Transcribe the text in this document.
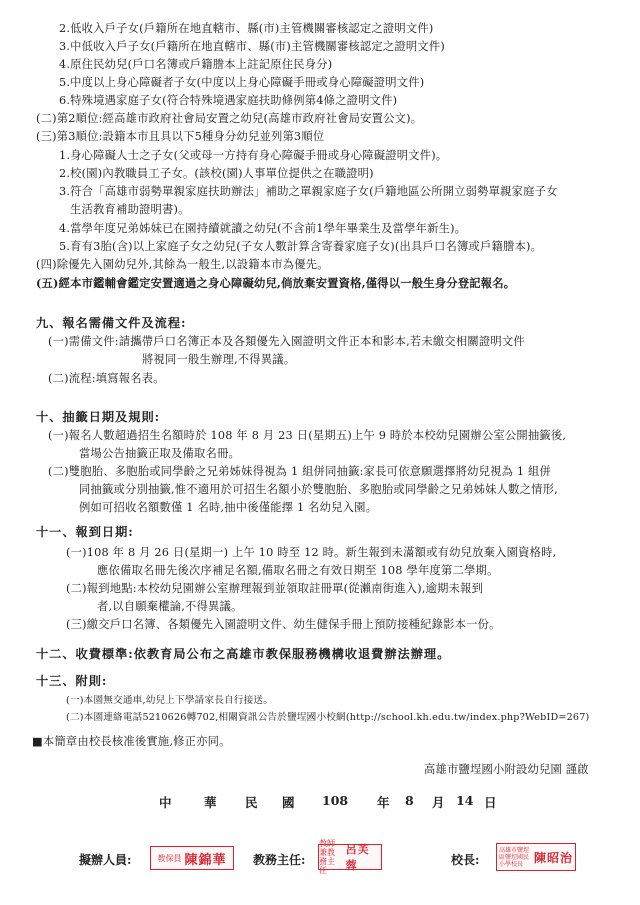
2.低收入戶子女(戶籍所在地直轄市、縣(市)主管機關審核認定之證明文件)
3.中低收入戶子女(戶籍所在地直轄市、縣(市)主管機關審核認定之證明文件)
4.原住民幼兒(戶口名簿或戶籍謄本上註記原住民身分)
5.中度以上身心障礙者子女(中度以上身心障礙手冊或身心障礙證明文件)
6.特殊境遇家庭子女(符合特殊境遇家庭扶助條例第4條之證明文件)
(二)第2順位:經高雄市政府社會局安置之幼兒(高雄市政府社會局安置公文)。
(三)第3順位:設籍本市且具以下5種身分幼兒並列第3順位
1.身心障礙人士之子女(父或母一方持有身心障礙手冊或身心障礙證明文件)。
2.校(園)內教職員工子女。(該校(園)人事單位提供之在職證明)
3.符合「高雄市弱勢單親家庭扶助辦法」補助之單親家庭子女(戶籍地區公所開立弱勢單親家庭子女
生活教育補助證明書)。
4.當學年度兄弟姊妹已在園持續就讀之幼兒(不含前1學年畢業生及當學年新生)。
5.育有3胎(含)以上家庭子女之幼兒(子女人數計算含寄養家庭子女)(出具戶口名簿或戶籍謄本)。
(四)除優先入園幼兒外,其餘為一般生,以設籍本市為優先。
(五)經本市鑑輔會鑑定安置適過之身心障礙幼兒,倘放棄安置資格,僅得以一般生身分登記報名。
九、報名需備文件及流程:
(一)需備文件:請攜帶戶口名簿正本及各類優先入園證明文件正本和影本,若未繳交相關證明文件
將視同一般生辦理,不得異議。
(二)流程:填寫報名表。
十、抽籤日期及規則:
(一)報名人數超過招生名額時於 108 年 8 月 23 日(星期五)上午 9 時於本校幼兒園辦公室公開抽籤後,
當場公告抽籤正取及備取名冊。
(二)雙胞胎、多胞胎或同學齡之兄弟姊妹得視為 1 組併同抽籤:家長可依意願選擇將幼兒視為 1 組併
同抽籤或分別抽籤,惟不適用於可招生名額小於雙胞胎、多胞胎或同學齡之兄弟姊妹人數之情形,
例如可招收名額數僅 1 名時,抽中後僅能擇 1 名幼兒入園。
十一、報到日期:
(一)108 年 8 月 26 日(星期一) 上午 10 時至 12 時。新生報到未滿額或有幼兒放棄入園資格時,
應依備取名冊先後次序補足名額,備取名冊之有效日期至 108 學年度第二學期。
(二)報到地點:本校幼兒園辦公室辦理報到並領取註冊單(從瀨南街進入),逾期未報到
者,以自願棄權論,不得異議。
(三)繳交戶口名簿、各類優先入園證明文件、幼生健保手冊上預防接種紀錄影本一份。
十二、收費標準:依教育局公布之高雄市教保服務機構收退費辦法辦理。
十三、附則:
(一)本園無交通車,幼兒上下學請家長自行接送。
(二)本園連絡電話5210626轉702,相關資訊公告於鹽埕國小校網(http://school.kh.edu.tw/index.php?WebID=267)
■本簡章由校長核准後實施,修正亦同。
高雄市鹽埕國小附設幼兒園 謹啟
中	華 民 國 108 年 8 月 14 日
擬辦人員:	教保員 陳錦華 教務主任:
教師兼教務主任
呂芙蓉	校長:
高雄市鹽埕區鹽埕國民小學校長 陳昭治
